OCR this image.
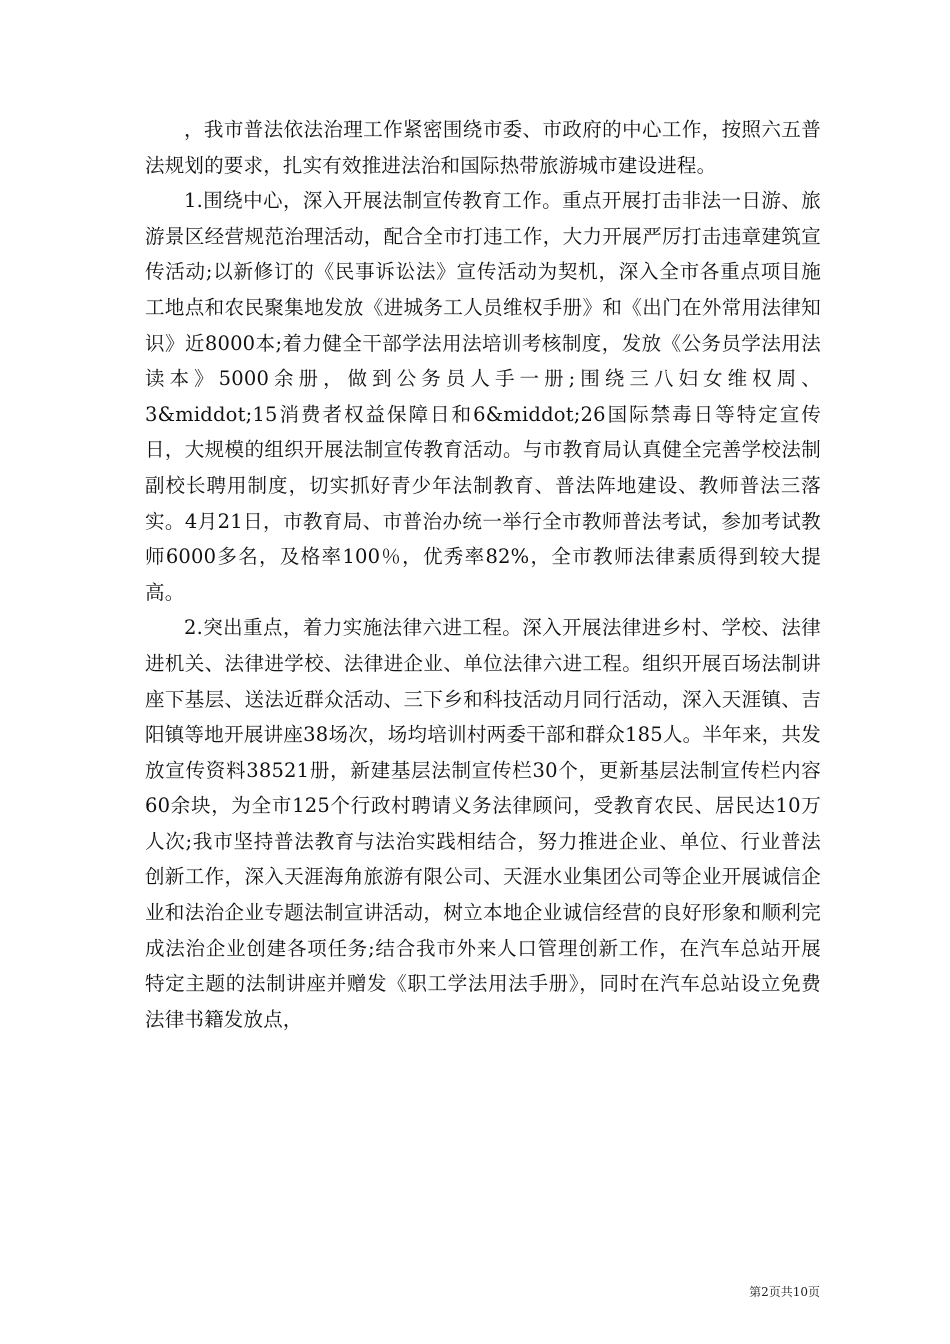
，我市普法依法治理工作紧密围绕市委、市政府的中心工作，按照六五普法规划的要求，扎实有效推进法治和国际热带旅游城市建设进程。

1.围绕中心，深入开展法制宣传教育工作。重点开展打击非法一日游、旅游景区经营规范治理活动，配合全市打违工作，大力开展严厉打击违章建筑宣传活动;以新修订的《民事诉讼法》宣传活动为契机，深入全市各重点项目施工地点和农民聚集地发放《进城务工人员维权手册》和《出门在外常用法律知识》近8000本;着力健全干部学法用法培训考核制度，发放《公务员学法用法读本》5000余册，做到公务员人手一册;围绕三八妇女维权周、3&middot;15消费者权益保障日和6&middot;26国际禁毒日等特定宣传日，大规模的组织开展法制宣传教育活动。与市教育局认真健全完善学校法制副校长聘用制度，切实抓好青少年法制教育、普法阵地建设、教师普法三落实。4月21日，市教育局、市普治办统一举行全市教师普法考试，参加考试教师6000多名，及格率100％，优秀率82%，全市教师法律素质得到较大提高。

2.突出重点，着力实施法律六进工程。深入开展法律进乡村、学校、法律进机关、法律进学校、法律进企业、单位法律六进工程。组织开展百场法制讲座下基层、送法近群众活动、三下乡和科技活动月同行活动，深入天涯镇、吉阳镇等地开展讲座38场次，场均培训村两委干部和群众185人。半年来，共发放宣传资料38521册，新建基层法制宣传栏30个，更新基层法制宣传栏内容60余块，为全市125个行政村聘请义务法律顾问，受教育农民、居民达10万人次;我市坚持普法教育与法治实践相结合，努力推进企业、单位、行业普法创新工作，深入天涯海角旅游有限公司、天涯水业集团公司等企业开展诚信企业和法治企业专题法制宣讲活动，树立本地企业诚信经营的良好形象和顺利完成法治企业创建各项任务;结合我市外来人口管理创新工作，在汽车总站开展特定主题的法制讲座并赠发《职工学法用法手册》，同时在汽车总站设立免费法律书籍发放点，

第2页共10页
